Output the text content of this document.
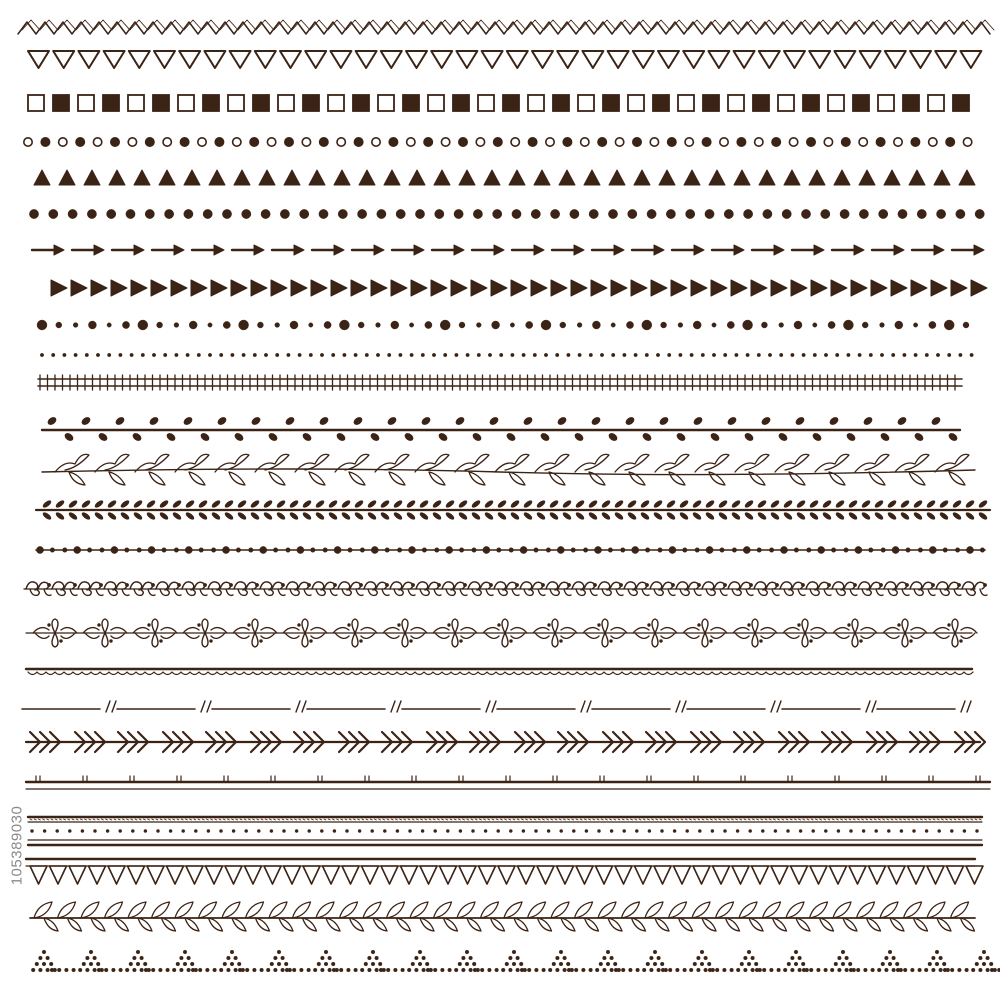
105389030
